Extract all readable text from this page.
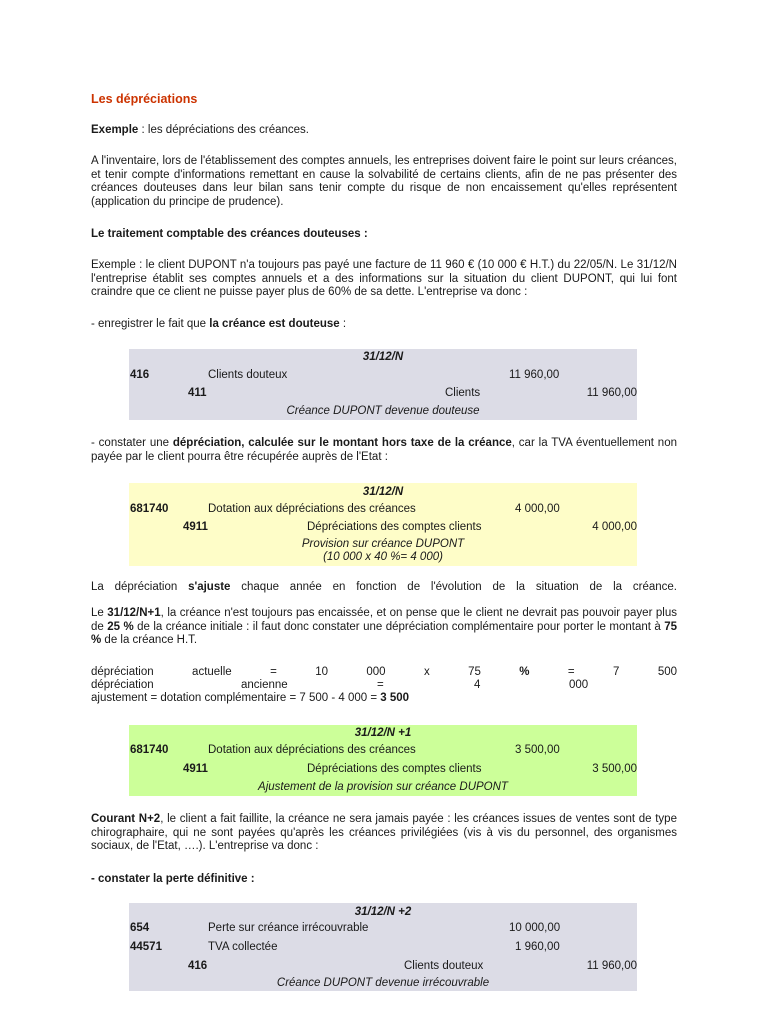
Les dépréciations
Exemple : les dépréciations des créances.
A l'inventaire, lors de l'établissement des comptes annuels, les entreprises doivent faire le point sur leurs créances, et tenir compte d'informations remettant en cause la solvabilité de certains clients, afin de ne pas présenter des créances douteuses dans leur bilan sans tenir compte du risque de non encaissement qu'elles représentent (application du principe de prudence).
Le traitement comptable des créances douteuses :
Exemple : le client DUPONT n'a toujours pas payé une facture de 11 960 € (10 000 € H.T.) du 22/05/N. Le 31/12/N l'entreprise établit ses comptes annuels et a des informations sur la situation du client DUPONT, qui lui font craindre que ce client ne puisse payer plus de 60% de sa dette. L'entreprise va donc :
- enregistrer le fait que la créance est douteuse :
31/12/N
416	Clients douteux	11 960,00
411	Clients	11 960,00
Créance DUPONT devenue douteuse
- constater une dépréciation, calculée sur le montant hors taxe de la créance, car la TVA éventuellement non payée par le client pourra être récupérée auprès de l'Etat :
31/12/N
681740	Dotation aux dépréciations des créances	4 000,00
4911	Dépréciations des comptes clients	4 000,00
Provision sur créance DUPONT
(10 000 x 40 %= 4 000)
La dépréciation s'ajuste chaque année en fonction de l'évolution de la situation de la créance.
Le 31/12/N+1, la créance n'est toujours pas encaissée, et on pense que le client ne devrait pas pouvoir payer plus de 25 % de la créance initiale : il faut donc constater une dépréciation complémentaire pour porter le montant à 75 % de la créance H.T.
dépréciation	actuelle	=	10	000	x	75	%	=	7	500
dépréciation	ancienne	=	4	000
ajustement = dotation complémentaire = 7 500 - 4 000 = 3 500
31/12/N +1
681740	Dotation aux dépréciations des créances	3 500,00
4911	Dépréciations des comptes clients	3 500,00
Ajustement de la provision sur créance DUPONT
Courant N+2, le client a fait faillite, la créance ne sera jamais payée : les créances issues de ventes sont de type chirographaire, qui ne sont payées qu'après les créances privilégiées (vis à vis du personnel, des organismes sociaux, de l'Etat, ….). L'entreprise va donc :
- constater la perte définitive :
31/12/N +2
654	Perte sur créance irrécouvrable	10 000,00
44571	TVA collectée	1 960,00
416	Clients douteux	11 960,00
Créance DUPONT devenue irrécouvrable
